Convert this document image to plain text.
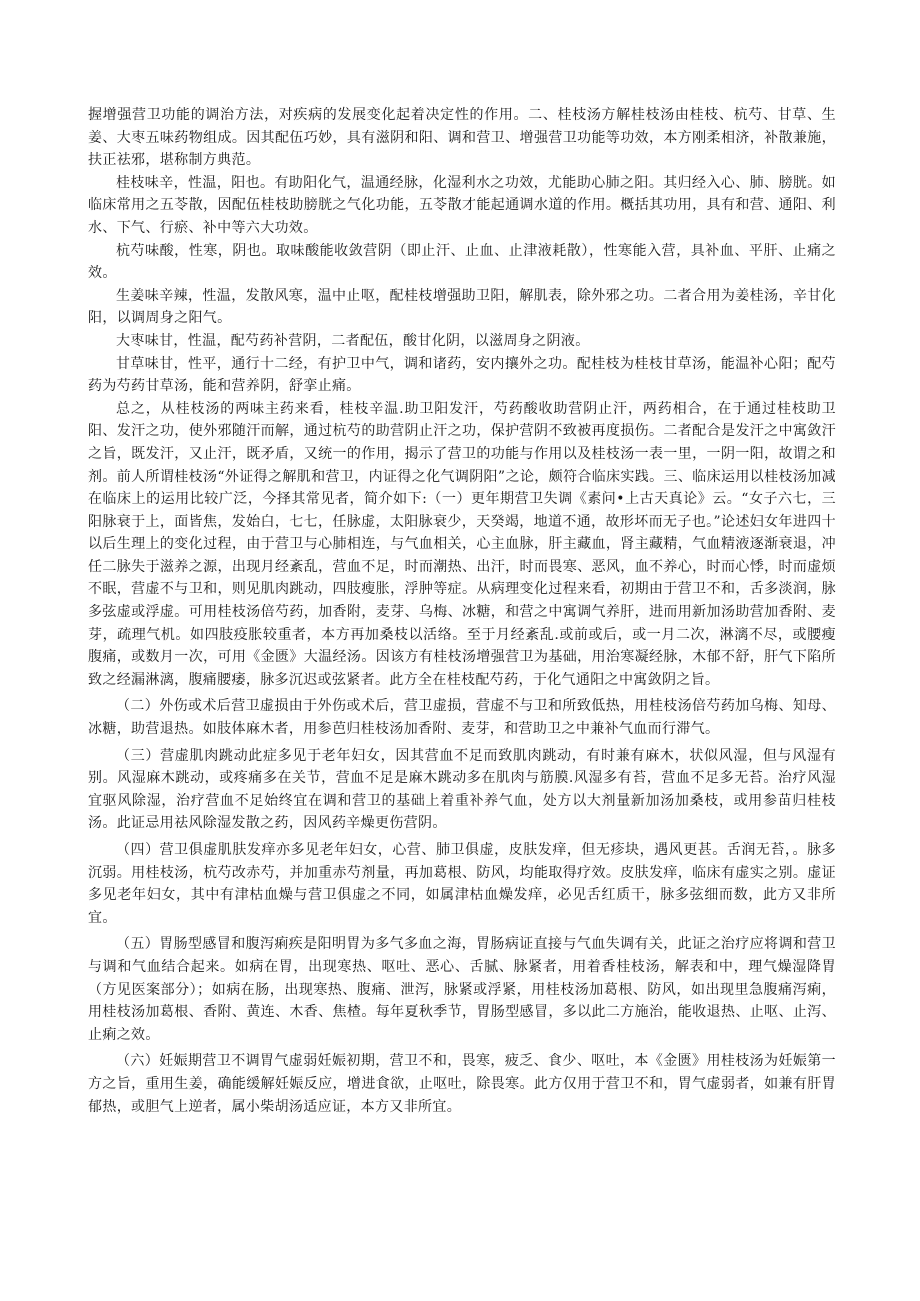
握增强营卫功能的调治方法，对疾病的发展变化起着决定性的作用。二、桂枝汤方解桂枝汤由桂枝、杭芍、甘草、生姜、大枣五味药物组成。因其配伍巧妙，具有滋阴和阳、调和营卫、增强营卫功能等功效，本方刚柔相济，补散兼施，扶正祛邪，堪称制方典范。

桂枝味辛，性温，阳也。有助阳化气，温通经脉，化湿利水之功效，尤能助心肺之阳。其归经入心、肺、膀胱。如临床常用之五苓散，因配伍桂枝助膀胱之气化功能，五苓散才能起通调水道的作用。概括其功用，具有和营、通阳、利水、下气、行瘀、补中等六大功效。

杭芍味酸，性寒，阴也。取味酸能收敛营阴（即止汗、止血、止津液耗散），性寒能入营，具补血、平肝、止痛之效。

生姜味辛辣，性温，发散风寒，温中止呕，配桂枝增强助卫阳，解肌表，除外邪之功。二者合用为姜桂汤，辛甘化阳，以调周身之阳气。

大枣味甘，性温，配芍药补营阴，二者配伍，酸甘化阴，以滋周身之阴液。

甘草味甘，性平，通行十二经，有护卫中气，调和诸药，安内攘外之功。配桂枝为桂枝甘草汤，能温补心阳；配芍药为芍药甘草汤，能和营养阴，舒挛止痛。

总之，从桂枝汤的两味主药来看，桂枝辛温.助卫阳发汗，芍药酸收助营阴止汗，两药相合，在于通过桂枝助卫阳、发汗之功，使外邪随汗而解，通过杭芍的助营阴止汗之功，保护营阴不致被再度损伤。二者配合是发汗之中寓敛汗之旨，既发汗，又止汗，既矛盾，又统一的作用，揭示了营卫的功能与作用以及桂枝汤一表一里，一阴一阳，故谓之和剂。前人所谓桂枝汤“外证得之解肌和营卫，内证得之化气调阴阳”之论，颇符合临床实践。三、临床运用以桂枝汤加减在临床上的运用比较广泛，今择其常见者，简介如下:（一）更年期营卫失调《素问•上古天真论》云。“女子六七，三阳脉衰于上，面皆焦，发始白，七七，任脉虚，太阳脉衰少，天癸竭，地道不通，故形坏而无子也。”论述妇女年进四十以后生理上的变化过程，由于营卫与心肺相连，与气血相关，心主血脉，肝主藏血，肾主藏精，气血精液逐渐衰退，冲任二脉失于滋养之源，出现月经紊乱，营血不足，时而潮热、出汗，时而畏寒、恶风，血不养心，时而心悸，时而虚烦不眠，营虚不与卫和，则见肌肉跳动，四肢瘦胀，浮肿等症。从病理变化过程来看，初期由于营卫不和，舌多淡润，脉多弦虚或浮虚。可用桂枝汤倍芍药，加香附，麦芽、乌梅、冰糖，和营之中寓调气养肝，进而用新加汤助营加香附、麦芽，疏理气机。如四肢疫胀较重者，本方再加桑枝以活络。至于月经紊乱.或前或后，或一月二次，淋漓不尽，或腰瘦腹痛，或数月一次，可用《金匮》大温经汤。因该方有桂枝汤增强营卫为基础，用治寒凝经脉，木郁不舒，肝气下陷所致之经漏淋漓，腹痛腰痿，脉多沉迟或弦紧者。此方全在桂枝配芍药，于化气通阳之中寓敛阴之旨。

（二）外伤或术后营卫虚损由于外伤或术后，营卫虚损，营虚不与卫和所致低热，用桂枝汤倍芍药加乌梅、知母、冰糖，助营退热。如肢体麻木者，用参芭归桂枝汤加香附、麦芽，和营助卫之中兼补气血而行滞气。

（三）营虚肌肉跳动此症多见于老年妇女，因其营血不足而致肌肉跳动，有时兼有麻木，状似风湿，但与风湿有别。风湿麻木跳动，或疼痛多在关节，营血不足是麻木跳动多在肌肉与筋膜.风湿多有苔，营血不足多无苔。治疗风湿宜驱风除湿，治疗营血不足始终宜在调和营卫的基础上着重补养气血，处方以大剂量新加汤加桑枝，或用参苗归桂枝汤。此证忌用祛风除湿发散之药，因风药辛燥更伤营阴。

（四）营卫俱虚肌肤发痒亦多见老年妇女，心营、肺卫俱虚，皮肤发痒，但无疹块，遇风更甚。舌润无苔，。脉多沉弱。用桂枝汤，杭芍改赤芍，并加重赤芍剂量，再加葛根、防风，均能取得疗效。皮肤发痒，临床有虚实之别。虚证多见老年妇女，其中有津枯血燥与营卫俱虚之不同，如属津枯血燥发痒，必见舌红质干，脉多弦细而数，此方又非所宜。

（五）胃肠型感冒和腹泻痢疾是阳明胃为多气多血之海，胃肠病证直接与气血失调有关，此证之治疗应将调和营卫与调和气血结合起来。如病在胃，出现寒热、呕吐、恶心、舌腻、脉紧者，用着香桂枝汤，解表和中，理气燥湿降胃（方见医案部分）；如病在肠，出现寒热、腹痛、泄泻，脉紧或浮紧，用桂枝汤加葛根、防风，如出现里急腹痛泻痢，用桂枝汤加葛根、香附、黄连、木香、焦楂。每年夏秋季节，胃肠型感冒，多以此二方施治，能收退热、止呕、止泻、止痢之效。

（六）妊娠期营卫不调胃气虚弱妊娠初期，营卫不和，畏寒，疲乏、食少、呕吐，本《金匮》用桂枝汤为妊娠第一方之旨，重用生姜，确能缓解妊娠反应，增进食欲，止呕吐，除畏寒。此方仅用于营卫不和，胃气虚弱者，如兼有肝胃郁热，或胆气上逆者，属小柴胡汤适应证，本方又非所宜。
